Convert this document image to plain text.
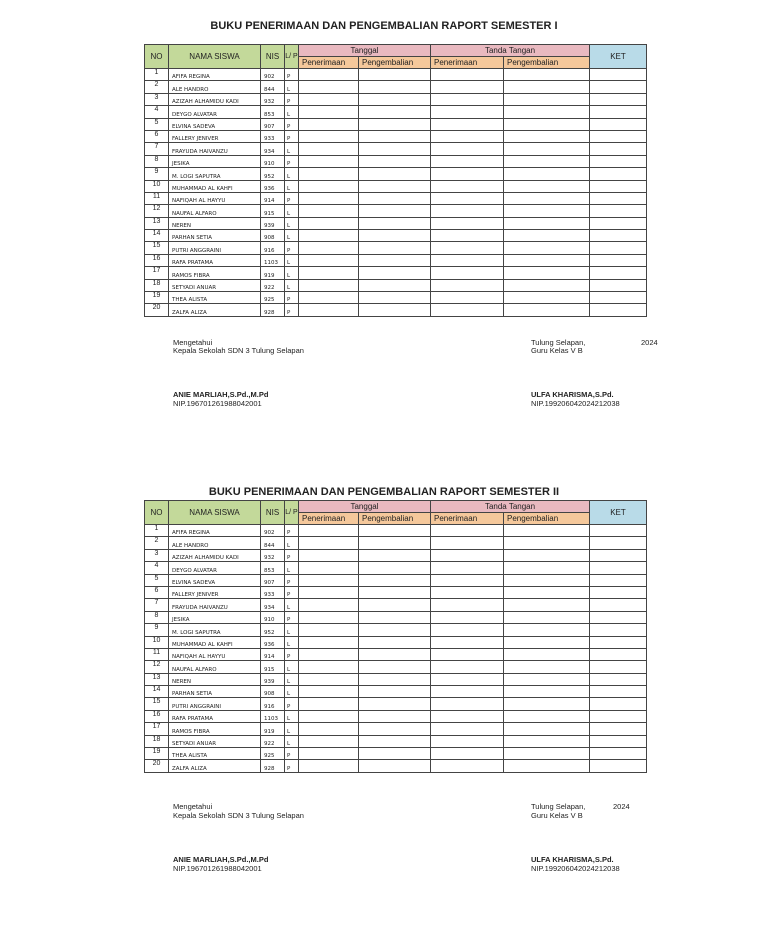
BUKU PENERIMAAN DAN PENGEMBALIAN RAPORT SEMESTER I
NO	NAMA SISWA	NIS	L/ P	Tanggal		Tanda Tangan		KET
				Penerimaan	Pengembalian	Penerimaan	Pengembalian	
1	AFIFA REGINA	902	P					
2	ALE HANDRO	844	L					
3	AZIZAH ALHAMIDU KADI	932	P					
4	DEYGO ALVATAR	853	L					
5	ELVINA SADEVA	907	P					
6	FALLERY JENIVER	933	P					
7	FRAYUDA HAIVANZU	934	L					
8	JESIKA	910	P					
9	M. LOGI SAPUTRA	952	L					
10	MUHAMMAD AL KAHFI	936	L					
11	NAFIQAH AL HAYYU	914	P					
12	NAUFAL ALFARO	915	L					
13	NEREN	939	L					
14	PARHAN SETIA	908	L					
15	PUTRI ANGGRAINI	916	P					
16	RAFA PRATAMA	1103	L					
17	RAMOS FIBRA	919	L					
18	SETYADI ANUAR	922	L					
19	THEA ALISTA	925	P					
20	ZALFA ALIZA	928	P					
Mengetahui
Kepala Sekolah SDN 3 Tulung Selapan
Tulung Selapan,	2024
Guru Kelas V B
ANIE MARLIAH,S.Pd.,M.Pd
NIP.196701261988042001
ULFA KHARISMA,S.Pd.
NIP.199206042024212038
BUKU PENERIMAAN DAN PENGEMBALIAN RAPORT SEMESTER II
NO	NAMA SISWA	NIS	L/ P	Tanggal		Tanda Tangan		KET
				Penerimaan	Pengembalian	Penerimaan	Pengembalian	
1	AFIFA REGINA	902	P					
2	ALE HANDRO	844	L					
3	AZIZAH ALHAMIDU KADI	932	P					
4	DEYGO ALVATAR	853	L					
5	ELVINA SADEVA	907	P					
6	FALLERY JENIVER	933	P					
7	FRAYUDA HAIVANZU	934	L					
8	JESIKA	910	P					
9	M. LOGI SAPUTRA	952	L					
10	MUHAMMAD AL KAHFI	936	L					
11	NAFIQAH AL HAYYU	914	P					
12	NAUFAL ALFARO	915	L					
13	NEREN	939	L					
14	PARHAN SETIA	908	L					
15	PUTRI ANGGRAINI	916	P					
16	RAFA PRATAMA	1103	L					
17	RAMOS FIBRA	919	L					
18	SETYADI ANUAR	922	L					
19	THEA ALISTA	925	P					
20	ZALFA ALIZA	928	P					
Mengetahui
Kepala Sekolah SDN 3 Tulung Selapan
Tulung Selapan,	2024
Guru Kelas V B
ANIE MARLIAH,S.Pd.,M.Pd
NIP.196701261988042001
ULFA KHARISMA,S.Pd.
NIP.199206042024212038
